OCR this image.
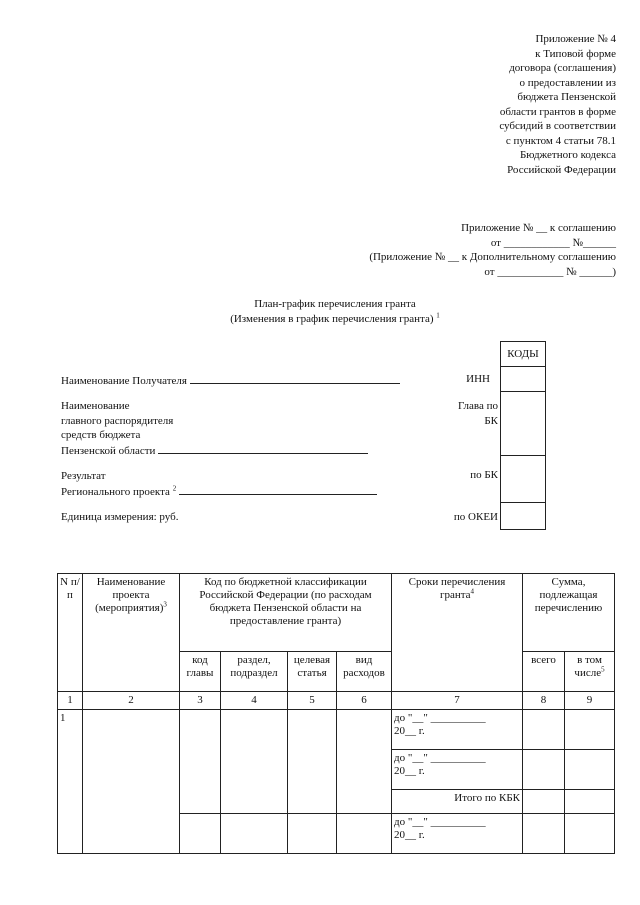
Приложение № 4
к Типовой форме
договора (соглашения)
о предоставлении из
бюджета Пензенской
области грантов в форме
субсидий в соответствии
с пунктом 4 статьи 78.1
Бюджетного кодекса
Российской Федерации
Приложение № __ к соглашению
от ____________ №______
(Приложение № __ к Дополнительному соглашению
от ____________ № ______)
План-график перечисления гранта
(Изменения в график перечисления гранта) $^1$
КОДЫ
Наименование Получателя	ИНН
Наименование
главного распорядителя
средств бюджета
Пензенской области
Глава по
БК
Результат
Регионального проекта $^2$
по БК
Единица измерения: руб.	по ОКЕИ
N п/п	Наименование проекта (мероприятия)$^3$	Код по бюджетной классификации Российской Федерации (по расходам бюджета Пензенской области на предоставление гранта)				Сроки перечисления гранта$^4$	Сумма, подлежащая перечислению	
		код главы	раздел, подраздел	целевая статья	вид расходов		всего	в том числе$^5$
1	2	3	4	5	6	7	8	9
1						до "__" __________
20__ г.		

						до "__" __________
20__ г.		

						Итого по КБК		

						до "__" __________
20__ г.		
